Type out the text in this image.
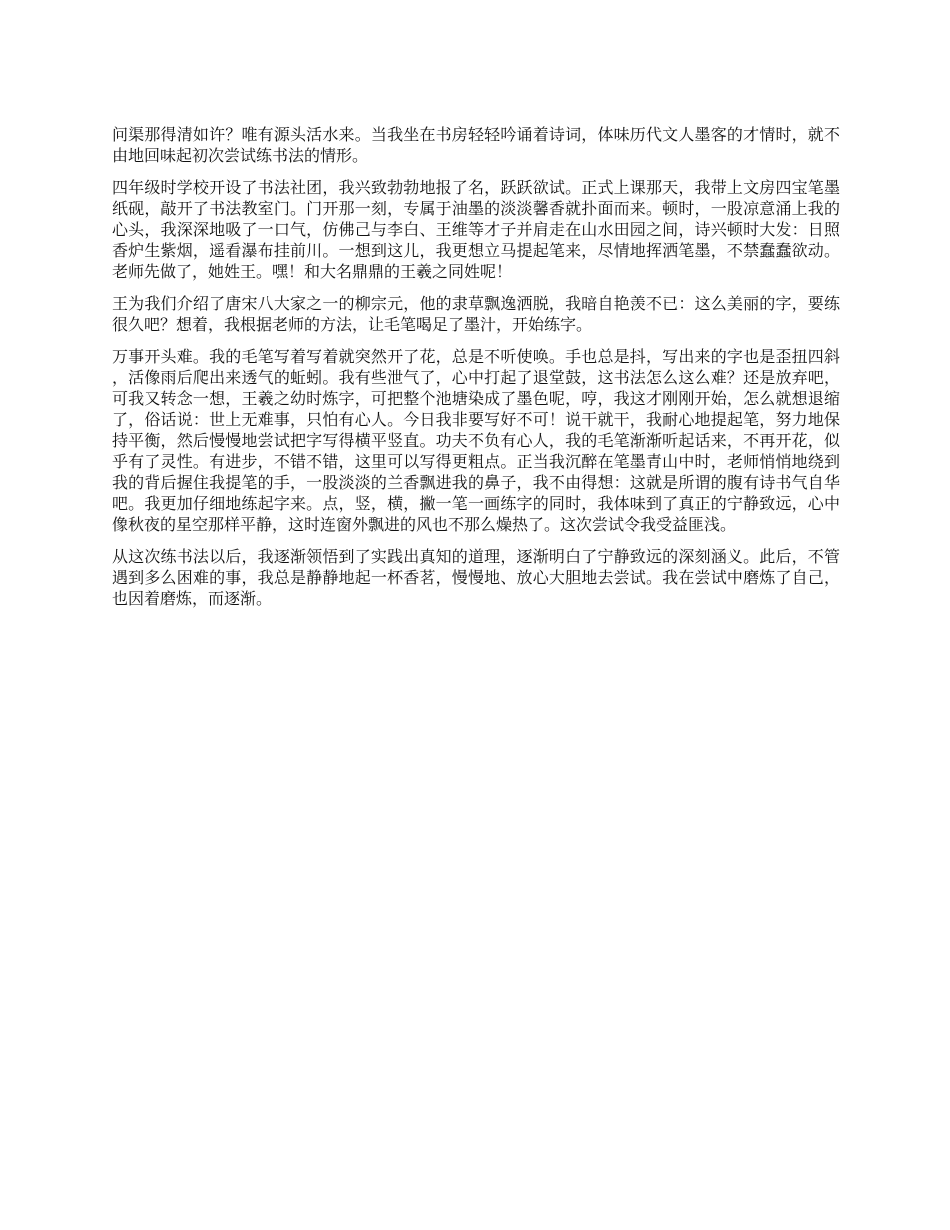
问渠那得清如许？唯有源头活水来。当我坐在书房轻轻吟诵着诗词，体味历代文人墨客的才情时，就不由地回味起初次尝试练书法的情形。

四年级时学校开设了书法社团，我兴致勃勃地报了名，跃跃欲试。正式上课那天，我带上文房四宝笔墨纸砚，敲开了书法教室门。门开那一刻，专属于油墨的淡淡馨香就扑面而来。顿时，一股凉意涌上我的心头，我深深地吸了一口气，仿佛己与李白、王维等才子并肩走在山水田园之间，诗兴顿时大发：日照香炉生紫烟，遥看瀑布挂前川。一想到这儿，我更想立马提起笔来，尽情地挥洒笔墨，不禁蠢蠢欲动。老师先做了，她姓王。嘿！和大名鼎鼎的王羲之同姓呢！

王为我们介绍了唐宋八大家之一的柳宗元，他的隶草飘逸洒脱，我暗自艳羡不已：这么美丽的字，要练很久吧？想着，我根据老师的方法，让毛笔喝足了墨汁，开始练字。

万事开头难。我的毛笔写着写着就突然开了花，总是不听使唤。手也总是抖，写出来的字也是歪扭四斜，活像雨后爬出来透气的蚯蚓。我有些泄气了，心中打起了退堂鼓，这书法怎么这么难？还是放弃吧，可我又转念一想，王羲之幼时炼字，可把整个池塘染成了墨色呢，哼，我这才刚刚开始，怎么就想退缩了，俗话说：世上无难事，只怕有心人。今日我非要写好不可！说干就干，我耐心地提起笔，努力地保持平衡，然后慢慢地尝试把字写得横平竖直。功夫不负有心人，我的毛笔渐渐听起话来，不再开花，似乎有了灵性。有进步，不错不错，这里可以写得更粗点。正当我沉醉在笔墨青山中时，老师悄悄地绕到我的背后握住我提笔的手，一股淡淡的兰香飘进我的鼻子，我不由得想：这就是所谓的腹有诗书气自华吧。我更加仔细地练起字来。点，竖，横，撇一笔一画练字的同时，我体味到了真正的宁静致远，心中像秋夜的星空那样平静，这时连窗外飘进的风也不那么燥热了。这次尝试令我受益匪浅。

从这次练书法以后，我逐渐领悟到了实践出真知的道理，逐渐明白了宁静致远的深刻涵义。此后，不管遇到多么困难的事，我总是静静地起一杯香茗，慢慢地、放心大胆地去尝试。我在尝试中磨炼了自己，也因着磨炼，而逐渐。
